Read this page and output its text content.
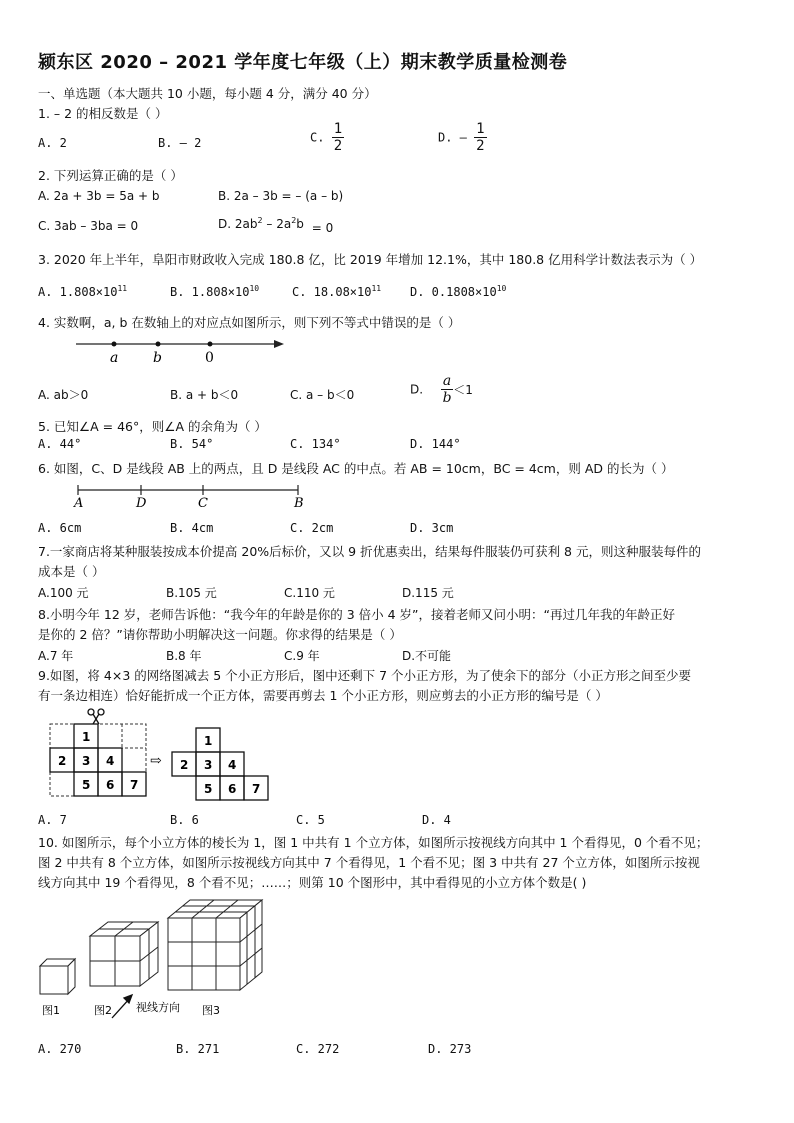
颍东区 2020 – 2021 学年度七年级（上）期末教学质量检测卷
一、单选题（本大题共 10 小题，每小题 4 分，满分 40 分）
1. – 2 的相反数是（ ）
A. 2	B. – 2	C. $\frac{1}{2}$	D. – $\frac{1}{2}$
2. 下列运算正确的是（ ）
A. 2a + 3b = 5a + b	B. 2a – 3b = – (a – b)
C. 3ab – 3ba = 0	D. $2ab^2 - 2a^2b = 0$
3. 2020 年上半年，阜阳市财政收入完成 180.8 亿，比 2019 年增加 12.1%，其中 180.8 亿用科学计数法表示为（ ）
A. $1.808\times 10^{11}$	B. $1.808\times 10^{10}$	C. $18.08\times 10^{11}$ D. $0.1808\times 10^{10}$
4. 实数啊，a, b 在数轴上的对应点如图所示，则下列不等式中错误的是（ ）
a b	0
A. ab＞0	B. a + b＜0	C. a – b＜0	D. $\frac{a}{b} <1$
5. 已知∠A = 46°，则∠A 的余角为（ ）
A. 44°	B. 54°	C. 134°	D. 144°
6. 如图，C、D 是线段 AB 上的两点，且 D 是线段 AC 的中点。若 AB = 10cm，BC = 4cm，则 AD 的长为（ ）
A	D	C	B
A. 6cm	B. 4cm	C. 2cm	D. 3cm
7.一家商店将某种服装按成本价提高 20%后标价，又以 9 折优惠卖出，结果每件服装仍可获利 8 元，则这种服装每件的
成本是（ ）
A.100 元	B.105 元	C.110 元	D.115 元
8.小明今年 12 岁，老师告诉他：“我今年的年龄是你的 3 倍小 4 岁”，接着老师又问小明：“再过几年我的年龄正好
是你的 2 倍？”请你帮助小明解决这一问题。你求得的结果是（ ）
A.7 年	B.8 年	C.9 年	D.不可能
9.如图，将 4×3 的网络图减去 5 个小正方形后，图中还剩下 7 个小正方形，为了使余下的部分（小正方形之间至少要
有一条边相连）恰好能折成一个正方体，需要再剪去 1 个小正方形，则应剪去的小正方形的编号是（ ）
1
2 3 4
5 6 7
⇨
1
2 3 4
5 6 7
A. 7	B. 6	C. 5	D. 4
10. 如图所示，每个小立方体的棱长为 1，图 1 中共有 1 个立方体，如图所示按视线方向其中 1 个看得见，0 个看不见；
图 2 中共有 8 个立方体，如图所示按视线方向其中 7 个看得见，1 个看不见；图 3 中共有 27 个立方体，如图所示按视
线方向其中 19 个看得见，8 个看不见；……；则第 10 个图形中，其中看得见的小立方体个数是( )
图1	图2 视线方向 图3
A. 270	B. 271	C. 272	D. 273
